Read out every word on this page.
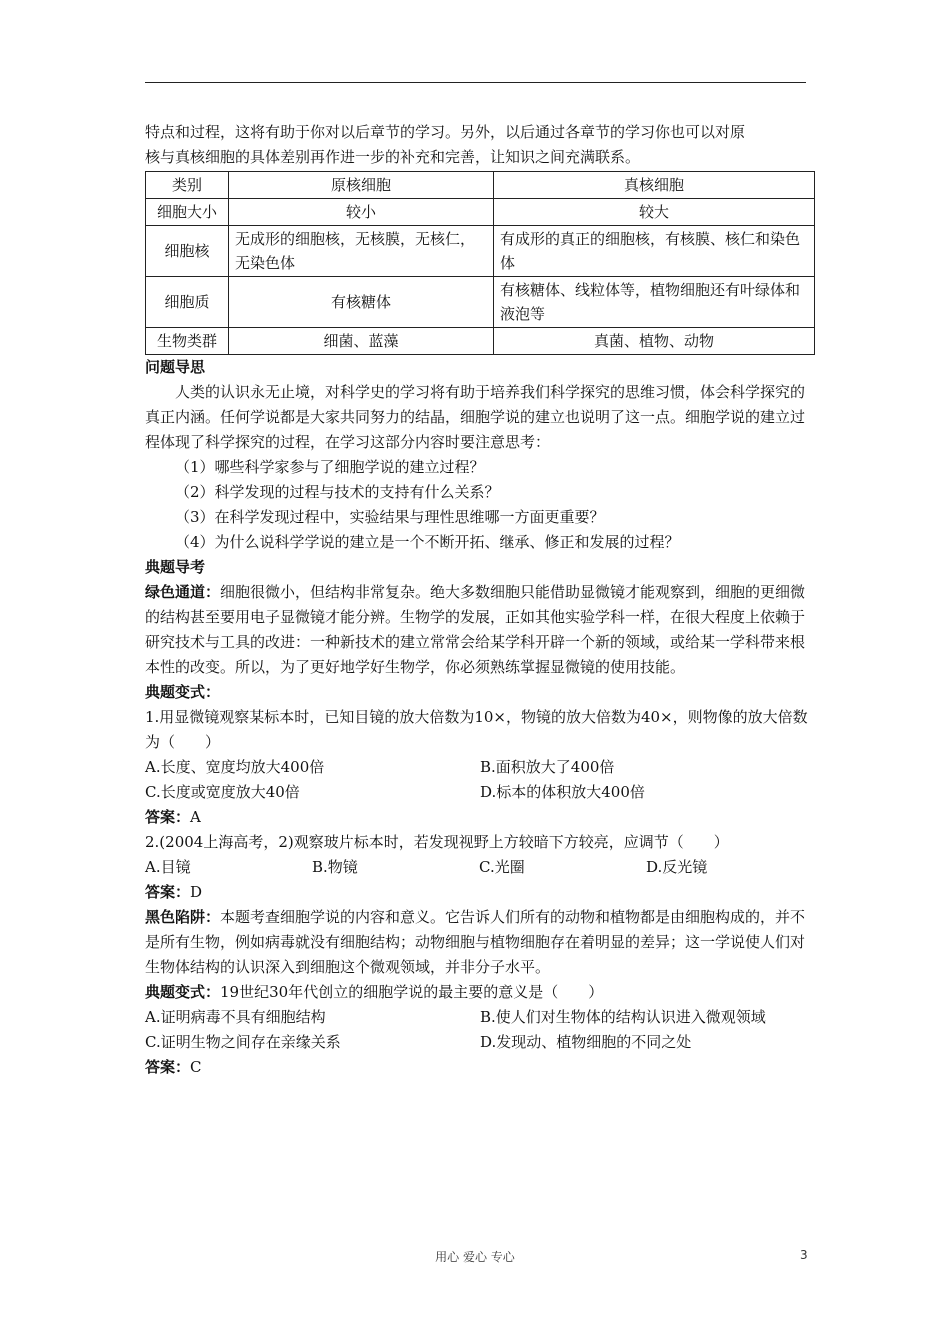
特点和过程，这将有助于你对以后章节的学习。另外，以后通过各章节的学习你也可以对原

核与真核细胞的具体差别再作进一步的补充和完善，让知识之间充满联系。

类别	原核细胞	真核细胞
细胞大小	较小	较大
细胞核	无成形的细胞核，无核膜，无核仁，无染色体	有成形的真正的细胞核，有核膜、核仁和染色体
细胞质	有核糖体	有核糖体、线粒体等，植物细胞还有叶绿体和液泡等
生物类群	细菌、蓝藻	真菌、植物、动物

问题导思

人类的认识永无止境，对科学史的学习将有助于培养我们科学探究的思维习惯，体会科学探究的真正内涵。任何学说都是大家共同努力的结晶，细胞学说的建立也说明了这一点。细胞学说的建立过程体现了科学探究的过程，在学习这部分内容时要注意思考：

（1）哪些科学家参与了细胞学说的建立过程？

（2）科学发现的过程与技术的支持有什么关系？

（3）在科学发现过程中，实验结果与理性思维哪一方面更重要？

（4）为什么说科学学说的建立是一个不断开拓、继承、修正和发展的过程？

典题导考

绿色通道：细胞很微小，但结构非常复杂。绝大多数细胞只能借助显微镜才能观察到，细胞的更细微的结构甚至要用电子显微镜才能分辨。生物学的发展，正如其他实验学科一样，在很大程度上依赖于研究技术与工具的改进：一种新技术的建立常常会给某学科开辟一个新的领域，或给某一学科带来根本性的改变。所以，为了更好地学好生物学，你必须熟练掌握显微镜的使用技能。

典题变式：

1.用显微镜观察某标本时，已知目镜的放大倍数为10×，物镜的放大倍数为40×，则物像的放大倍数为（　　）

A.长度、宽度均放大400倍	B.面积放大了400倍
C.长度或宽度放大40倍	D.标本的体积放大400倍

答案：A

2.(2004上海高考，2)观察玻片标本时，若发现视野上方较暗下方较亮，应调节（　　）

A.目镜	B.物镜	C.光圈	D.反光镜

答案：D

黑色陷阱：本题考查细胞学说的内容和意义。它告诉人们所有的动物和植物都是由细胞构成的，并不是所有生物，例如病毒就没有细胞结构；动物细胞与植物细胞存在着明显的差异；这一学说使人们对生物体结构的认识深入到细胞这个微观领域，并非分子水平。

典题变式：19世纪30年代创立的细胞学说的最主要的意义是（　　）

A.证明病毒不具有细胞结构	B.使人们对生物体的结构认识进入微观领域
C.证明生物之间存在亲缘关系	D.发现动、植物细胞的不同之处

答案：C

用心 爱心 专心	3
